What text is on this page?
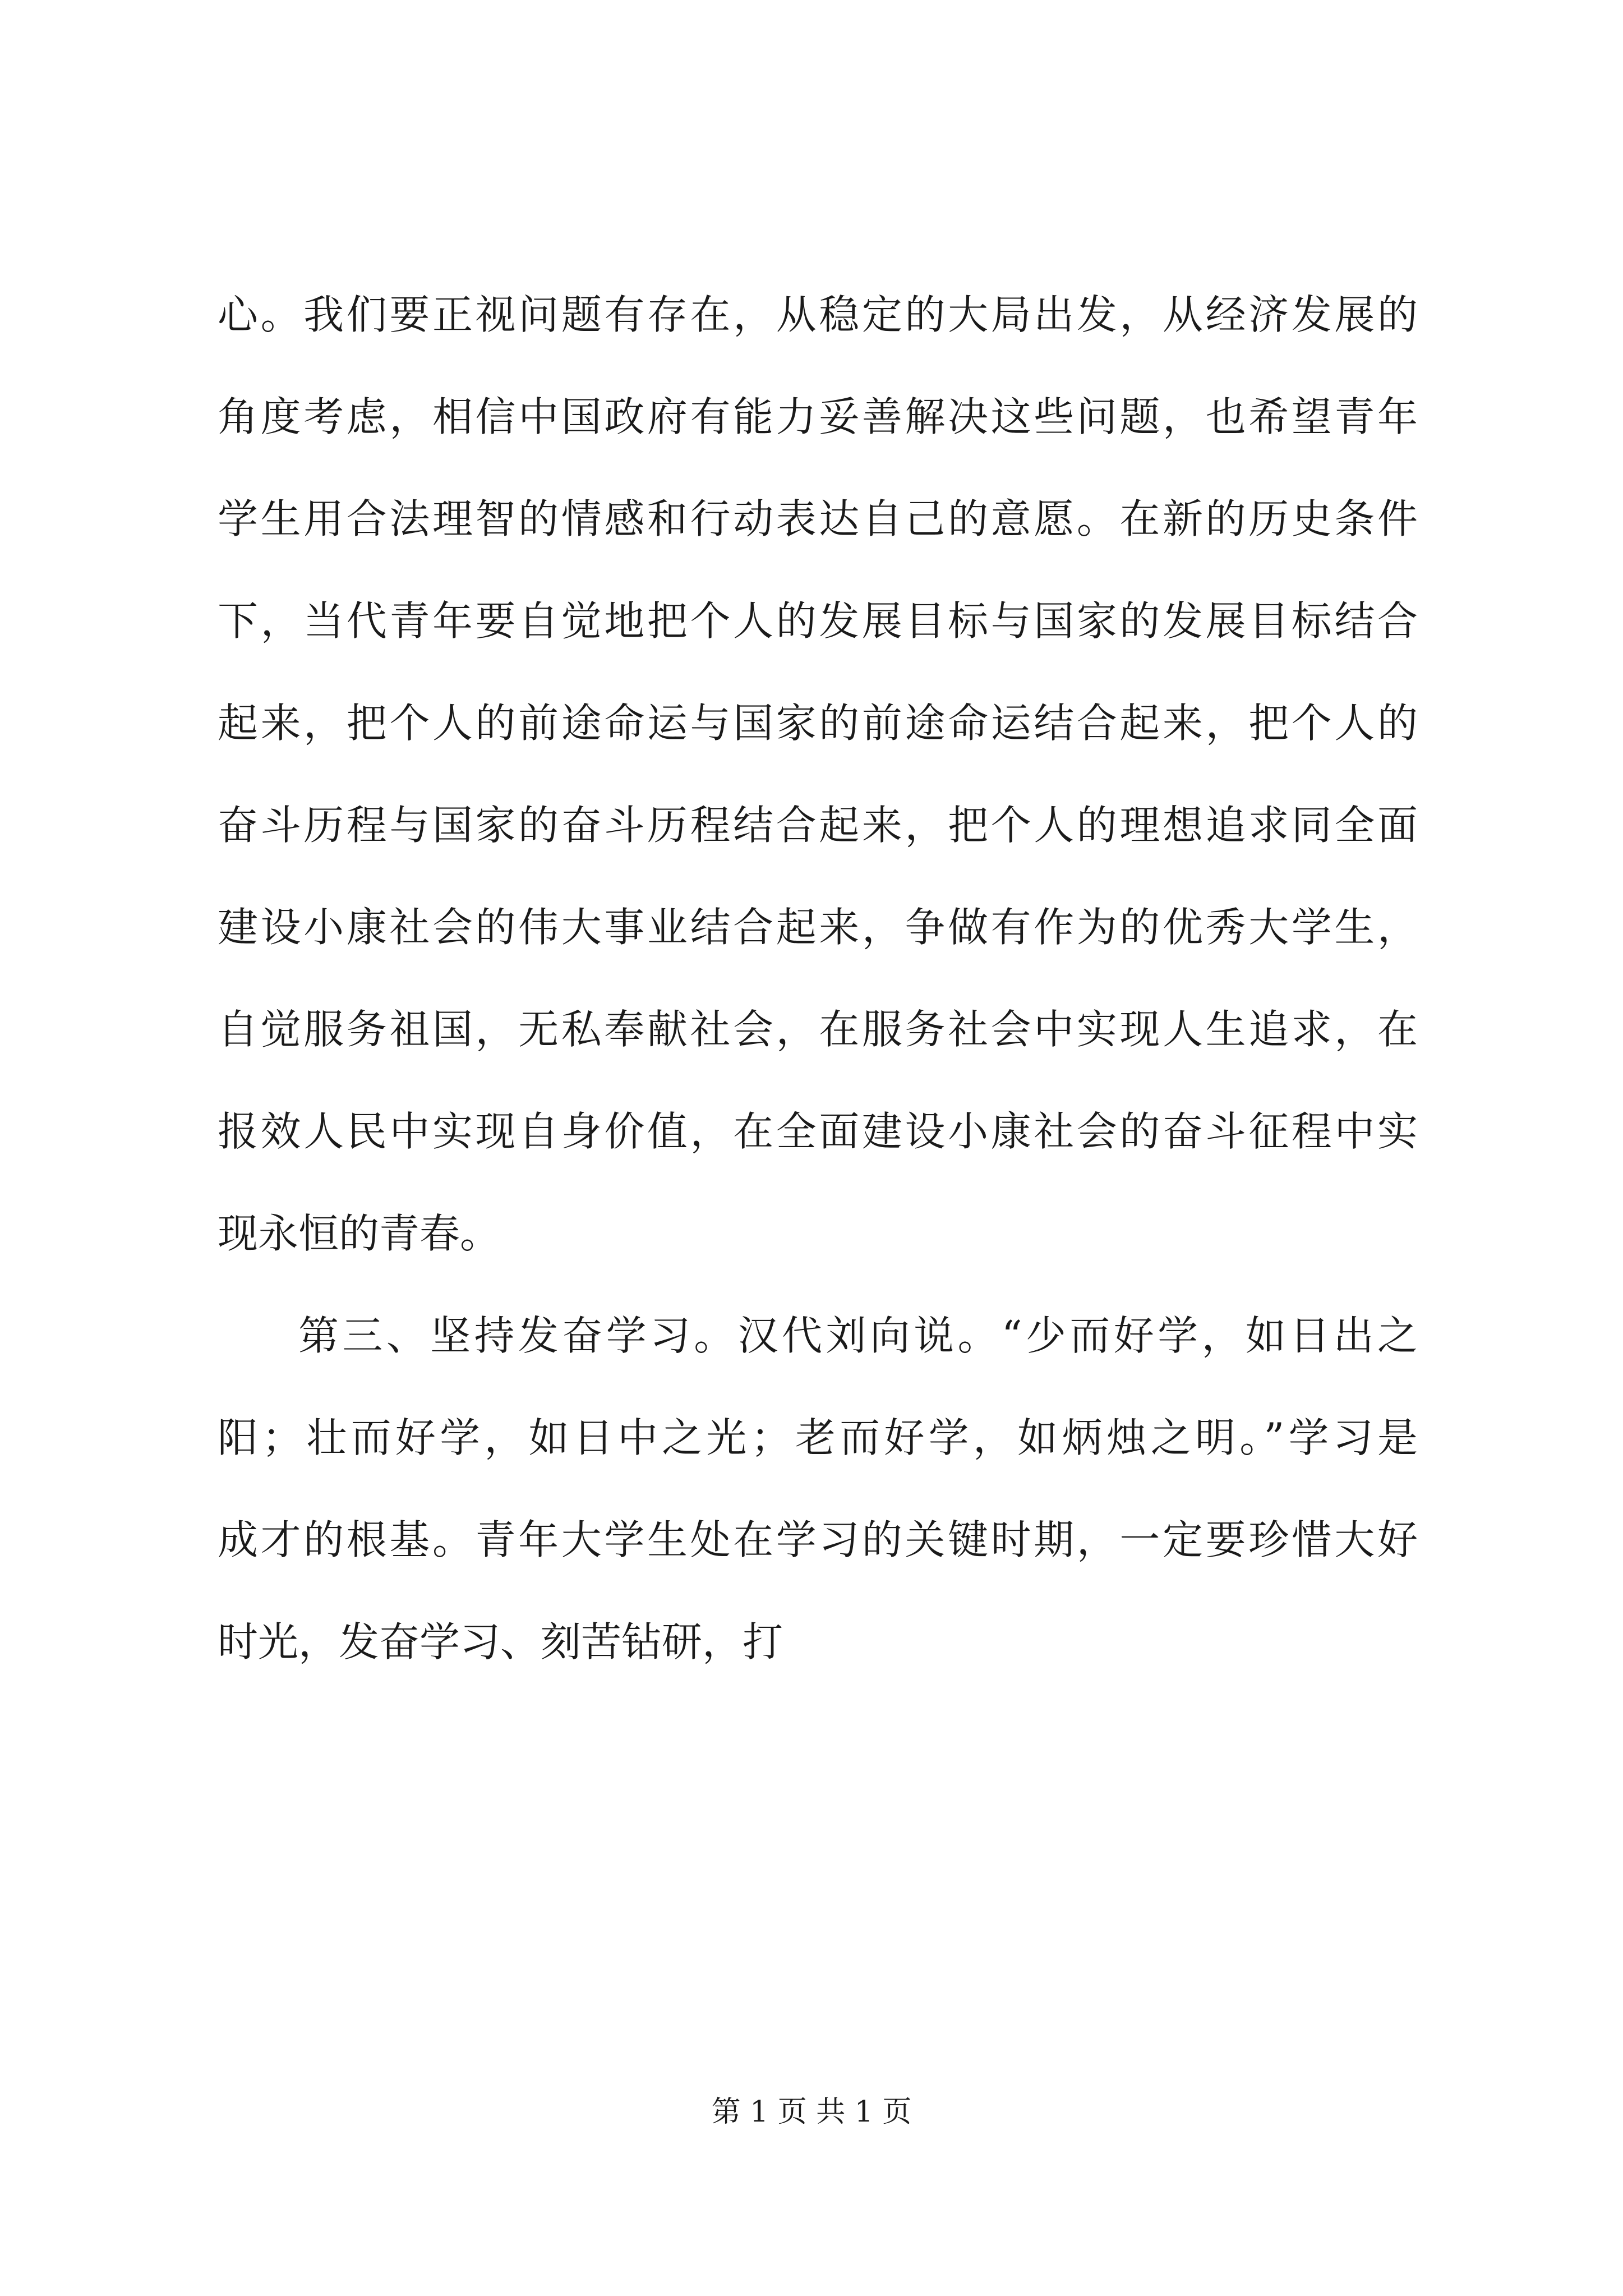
心。我们要正视问题有存在，从稳定的大局出发，从经济发展的
角度考虑，相信中国政府有能力妥善解决这些问题，也希望青年
学生用合法理智的情感和行动表达自己的意愿。在新的历史条件
下，当代青年要自觉地把个人的发展目标与国家的发展目标结合
起来，把个人的前途命运与国家的前途命运结合起来，把个人的
奋斗历程与国家的奋斗历程结合起来，把个人的理想追求同全面
建设小康社会的伟大事业结合起来，争做有作为的优秀大学生，
自觉服务祖国，无私奉献社会，在服务社会中实现人生追求，在
报效人民中实现自身价值，在全面建设小康社会的奋斗征程中实
现永恒的青春。
第三、坚持发奋学习。汉代刘向说。“少而好学，如日出之
阳；壮而好学，如日中之光；老而好学，如炳烛之明。”学习是
成才的根基。青年大学生处在学习的关键时期，一定要珍惜大好
时光，发奋学习、刻苦钻研，打
第 1 页 共 1 页
